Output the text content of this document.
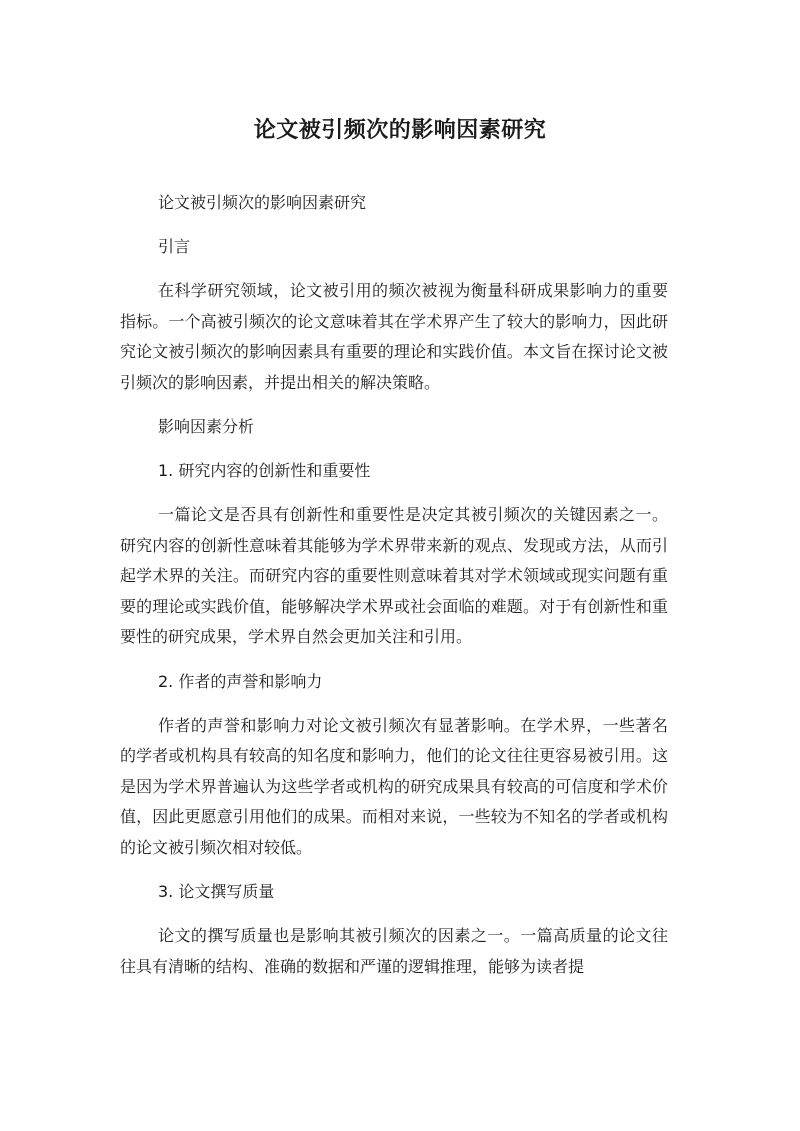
论文被引频次的影响因素研究

论文被引频次的影响因素研究

引言

在科学研究领域，论文被引用的频次被视为衡量科研成果影响力的重要指标。一个高被引频次的论文意味着其在学术界产生了较大的影响力，因此研究论文被引频次的影响因素具有重要的理论和实践价值。本文旨在探讨论文被引频次的影响因素，并提出相关的解决策略。

影响因素分析

1. 研究内容的创新性和重要性

一篇论文是否具有创新性和重要性是决定其被引频次的关键因素之一。研究内容的创新性意味着其能够为学术界带来新的观点、发现或方法，从而引起学术界的关注。而研究内容的重要性则意味着其对学术领域或现实问题有重要的理论或实践价值，能够解决学术界或社会面临的难题。对于有创新性和重要性的研究成果，学术界自然会更加关注和引用。

2. 作者的声誉和影响力

作者的声誉和影响力对论文被引频次有显著影响。在学术界，一些著名的学者或机构具有较高的知名度和影响力，他们的论文往往更容易被引用。这是因为学术界普遍认为这些学者或机构的研究成果具有较高的可信度和学术价值，因此更愿意引用他们的成果。而相对来说，一些较为不知名的学者或机构的论文被引频次相对较低。

3. 论文撰写质量

论文的撰写质量也是影响其被引频次的因素之一。一篇高质量的论文往往具有清晰的结构、准确的数据和严谨的逻辑推理，能够为读者提
